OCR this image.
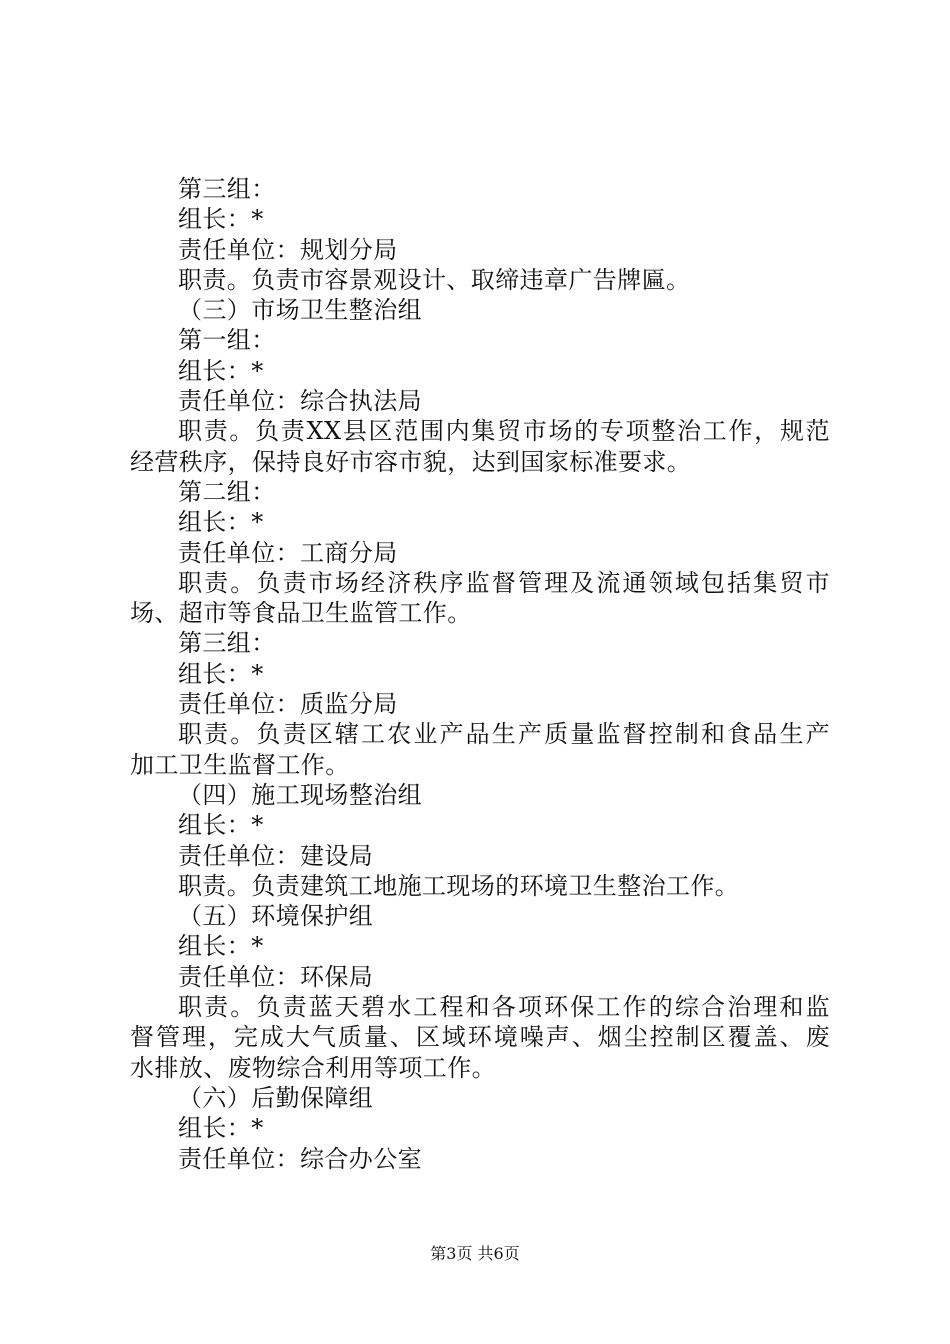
第三组：
组长：*
责任单位：规划分局
职责。负责市容景观设计、取缔违章广告牌匾。
（三）市场卫生整治组
第一组：
组长：*
责任单位：综合执法局
职责。负责XX县区范围内集贸市场的专项整治工作，规范
经营秩序，保持良好市容市貌，达到国家标准要求。
第二组：
组长：*
责任单位：工商分局
职责。负责市场经济秩序监督管理及流通领域包括集贸市
场、超市等食品卫生监管工作。
第三组：
组长：*
责任单位：质监分局
职责。负责区辖工农业产品生产质量监督控制和食品生产
加工卫生监督工作。
（四）施工现场整治组
组长：*
责任单位：建设局
职责。负责建筑工地施工现场的环境卫生整治工作。
（五）环境保护组
组长：*
责任单位：环保局
职责。负责蓝天碧水工程和各项环保工作的综合治理和监
督管理，完成大气质量、区域环境噪声、烟尘控制区覆盖、废
水排放、废物综合利用等项工作。
（六）后勤保障组
组长：*
责任单位：综合办公室
第3页 共6页
